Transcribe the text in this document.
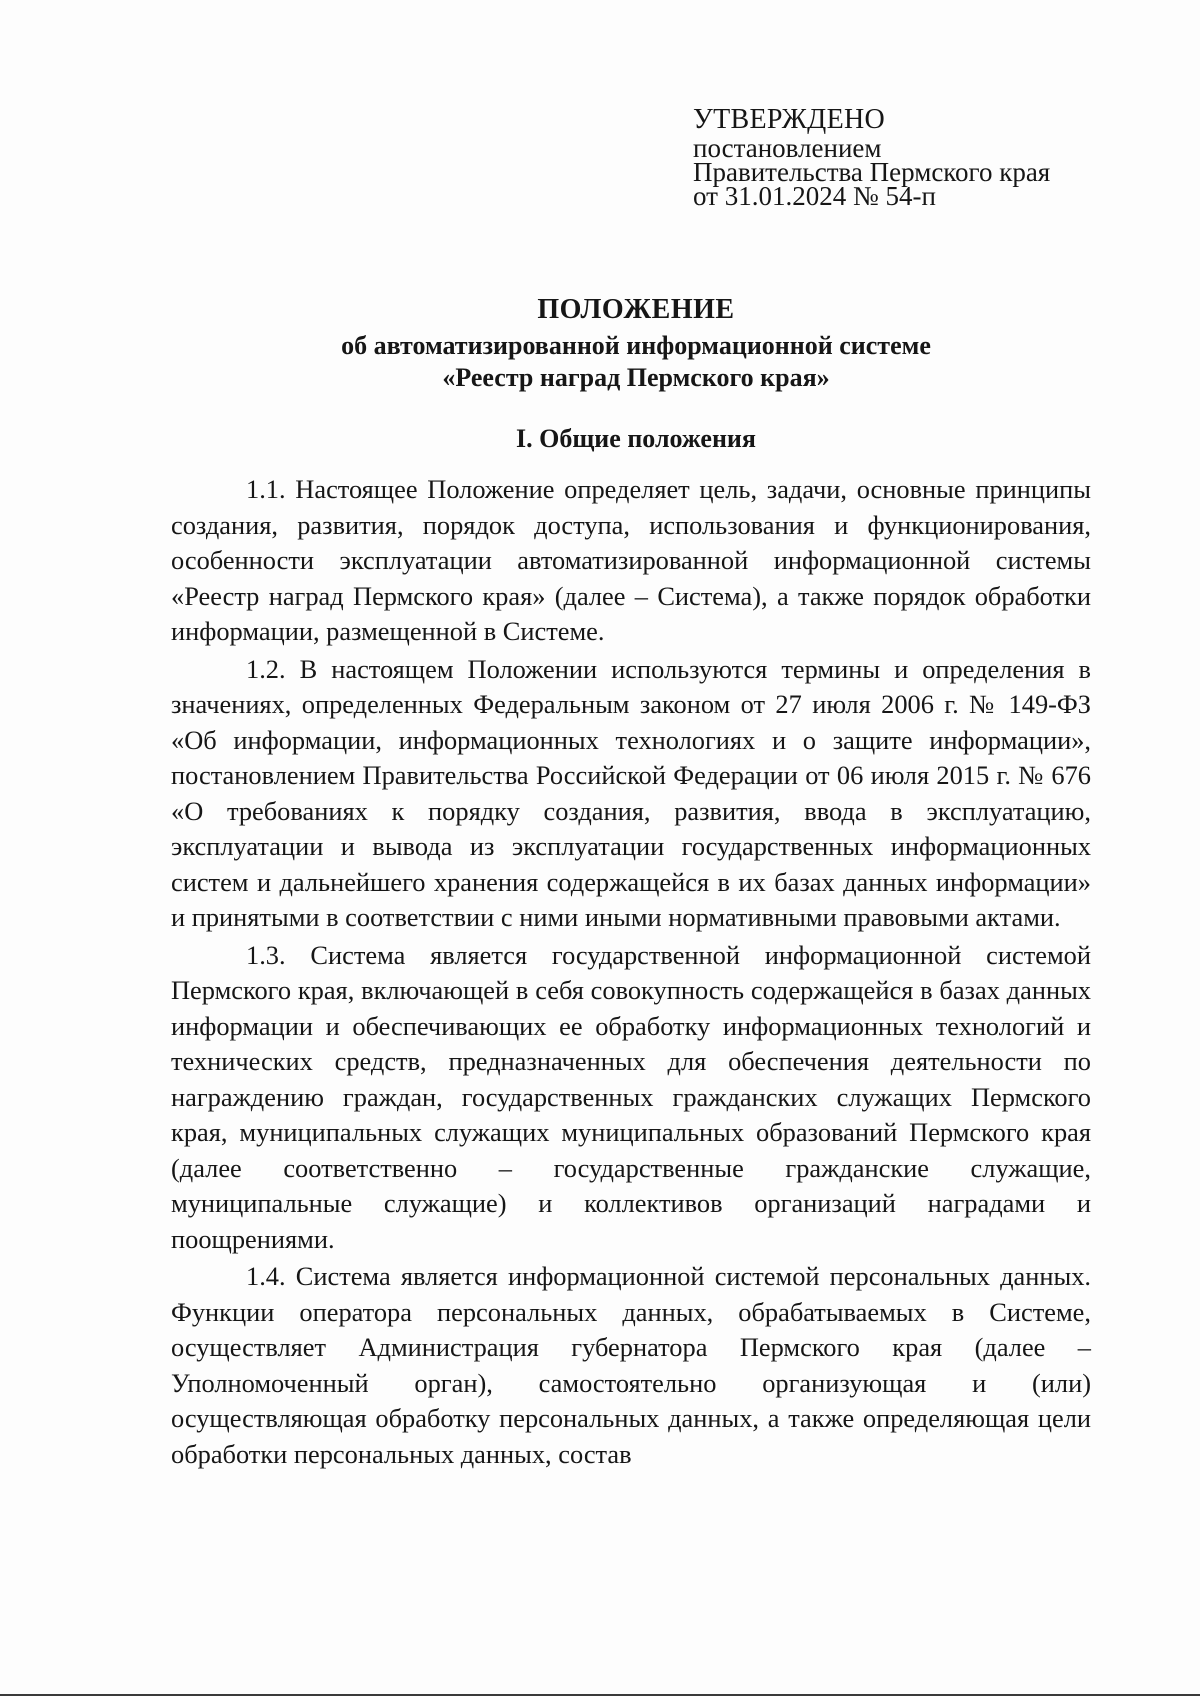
УТВЕРЖДЕНО
постановлением
Правительства Пермского края
от 31.01.2024 № 54-п
ПОЛОЖЕНИЕ
об автоматизированной информационной системе
«Реестр наград Пермского края»
I. Общие положения

1.1. Настоящее Положение определяет цель, задачи, основные принципы создания, развития, порядок доступа, использования и функционирования, особенности эксплуатации автоматизированной информационной системы «Реестр наград Пермского края» (далее – Система), а также порядок обработки информации, размещенной в Системе.

1.2. В настоящем Положении используются термины и определения в значениях, определенных Федеральным законом от 27 июля 2006 г. № 149-ФЗ «Об информации, информационных технологиях и о защите информации», постановлением Правительства Российской Федерации от 06 июля 2015 г. № 676 «О требованиях к порядку создания, развития, ввода в эксплуатацию, эксплуатации и вывода из эксплуатации государственных информационных систем и дальнейшего хранения содержащейся в их базах данных информации» и принятыми в соответствии с ними иными нормативными правовыми актами.

1.3. Система является государственной информационной системой Пермского края, включающей в себя совокупность содержащейся в базах данных информации и обеспечивающих ее обработку информационных технологий и технических средств, предназначенных для обеспечения деятельности по награждению граждан, государственных гражданских служащих Пермского края, муниципальных служащих муниципальных образований Пермского края (далее соответственно – государственные гражданские служащие, муниципальные служащие) и коллективов организаций наградами и поощрениями.

1.4. Система является информационной системой персональных данных. Функции оператора персональных данных, обрабатываемых в Системе, осуществляет Администрация губернатора Пермского края (далее – Уполномоченный орган), самостоятельно организующая и (или) осуществляющая обработку персональных данных, а также определяющая цели обработки персональных данных, состав
